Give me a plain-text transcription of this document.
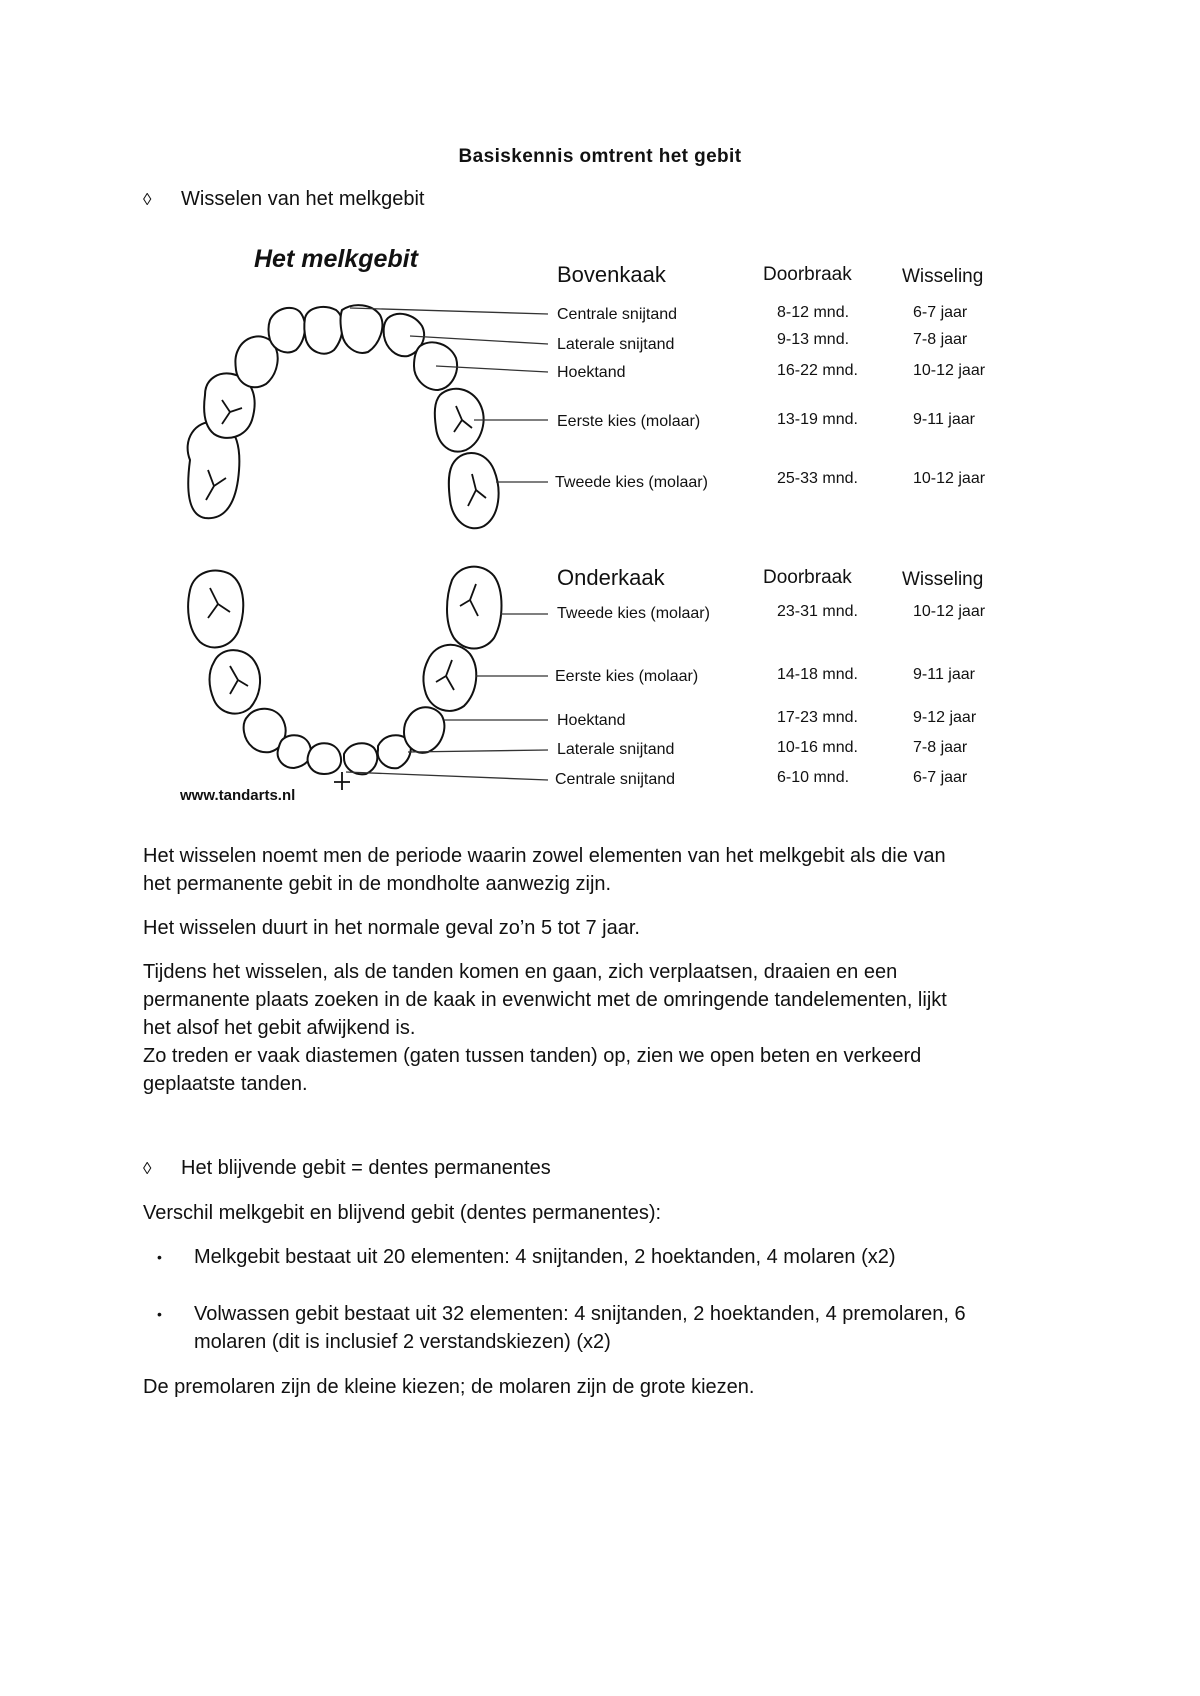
Basiskennis omtrent het gebit
◊ Wisselen van het melkgebit
Het melkgebit
www.tandarts.nl
Bovenkaak	Doorbraak	Wisseling
Centrale snijtand	8-12 mnd.	6-7 jaar
Laterale snijtand	9-13 mnd.	7-8 jaar
Hoektand	16-22 mnd.	10-12 jaar
Eerste kies (molaar)	13-19 mnd.	9-11 jaar
Tweede kies (molaar)	25-33 mnd.	10-12 jaar
Onderkaak	Doorbraak	Wisseling
Tweede kies (molaar)	23-31 mnd.	10-12 jaar
Eerste kies (molaar)	14-18 mnd.	9-11 jaar
Hoektand	17-23 mnd.	9-12 jaar
Laterale snijtand	10-16 mnd.	7-8 jaar
Centrale snijtand	6-10 mnd.	6-7 jaar

Het wisselen noemt men de periode waarin zowel elementen van het melkgebit als die van
het permanente gebit in de mondholte aanwezig zijn.

Het wisselen duurt in het normale geval zo’n 5 tot 7 jaar.

Tijdens het wisselen, als de tanden komen en gaan, zich verplaatsen, draaien en een
permanente plaats zoeken in de kaak in evenwicht met de omringende tandelementen, lijkt
het alsof het gebit afwijkend is.
Zo treden er vaak diastemen (gaten tussen tanden) op, zien we open beten en verkeerd
geplaatste tanden.

◊ Het blijvende gebit = dentes permanentes

Verschil melkgebit en blijvend gebit (dentes permanentes):

• Melkgebit bestaat uit 20 elementen: 4 snijtanden, 2 hoektanden, 4 molaren (x2)
• Volwassen gebit bestaat uit 32 elementen: 4 snijtanden, 2 hoektanden, 4 premolaren, 6
molaren (dit is inclusief 2 verstandskiezen) (x2)

De premolaren zijn de kleine kiezen; de molaren zijn de grote kiezen.
